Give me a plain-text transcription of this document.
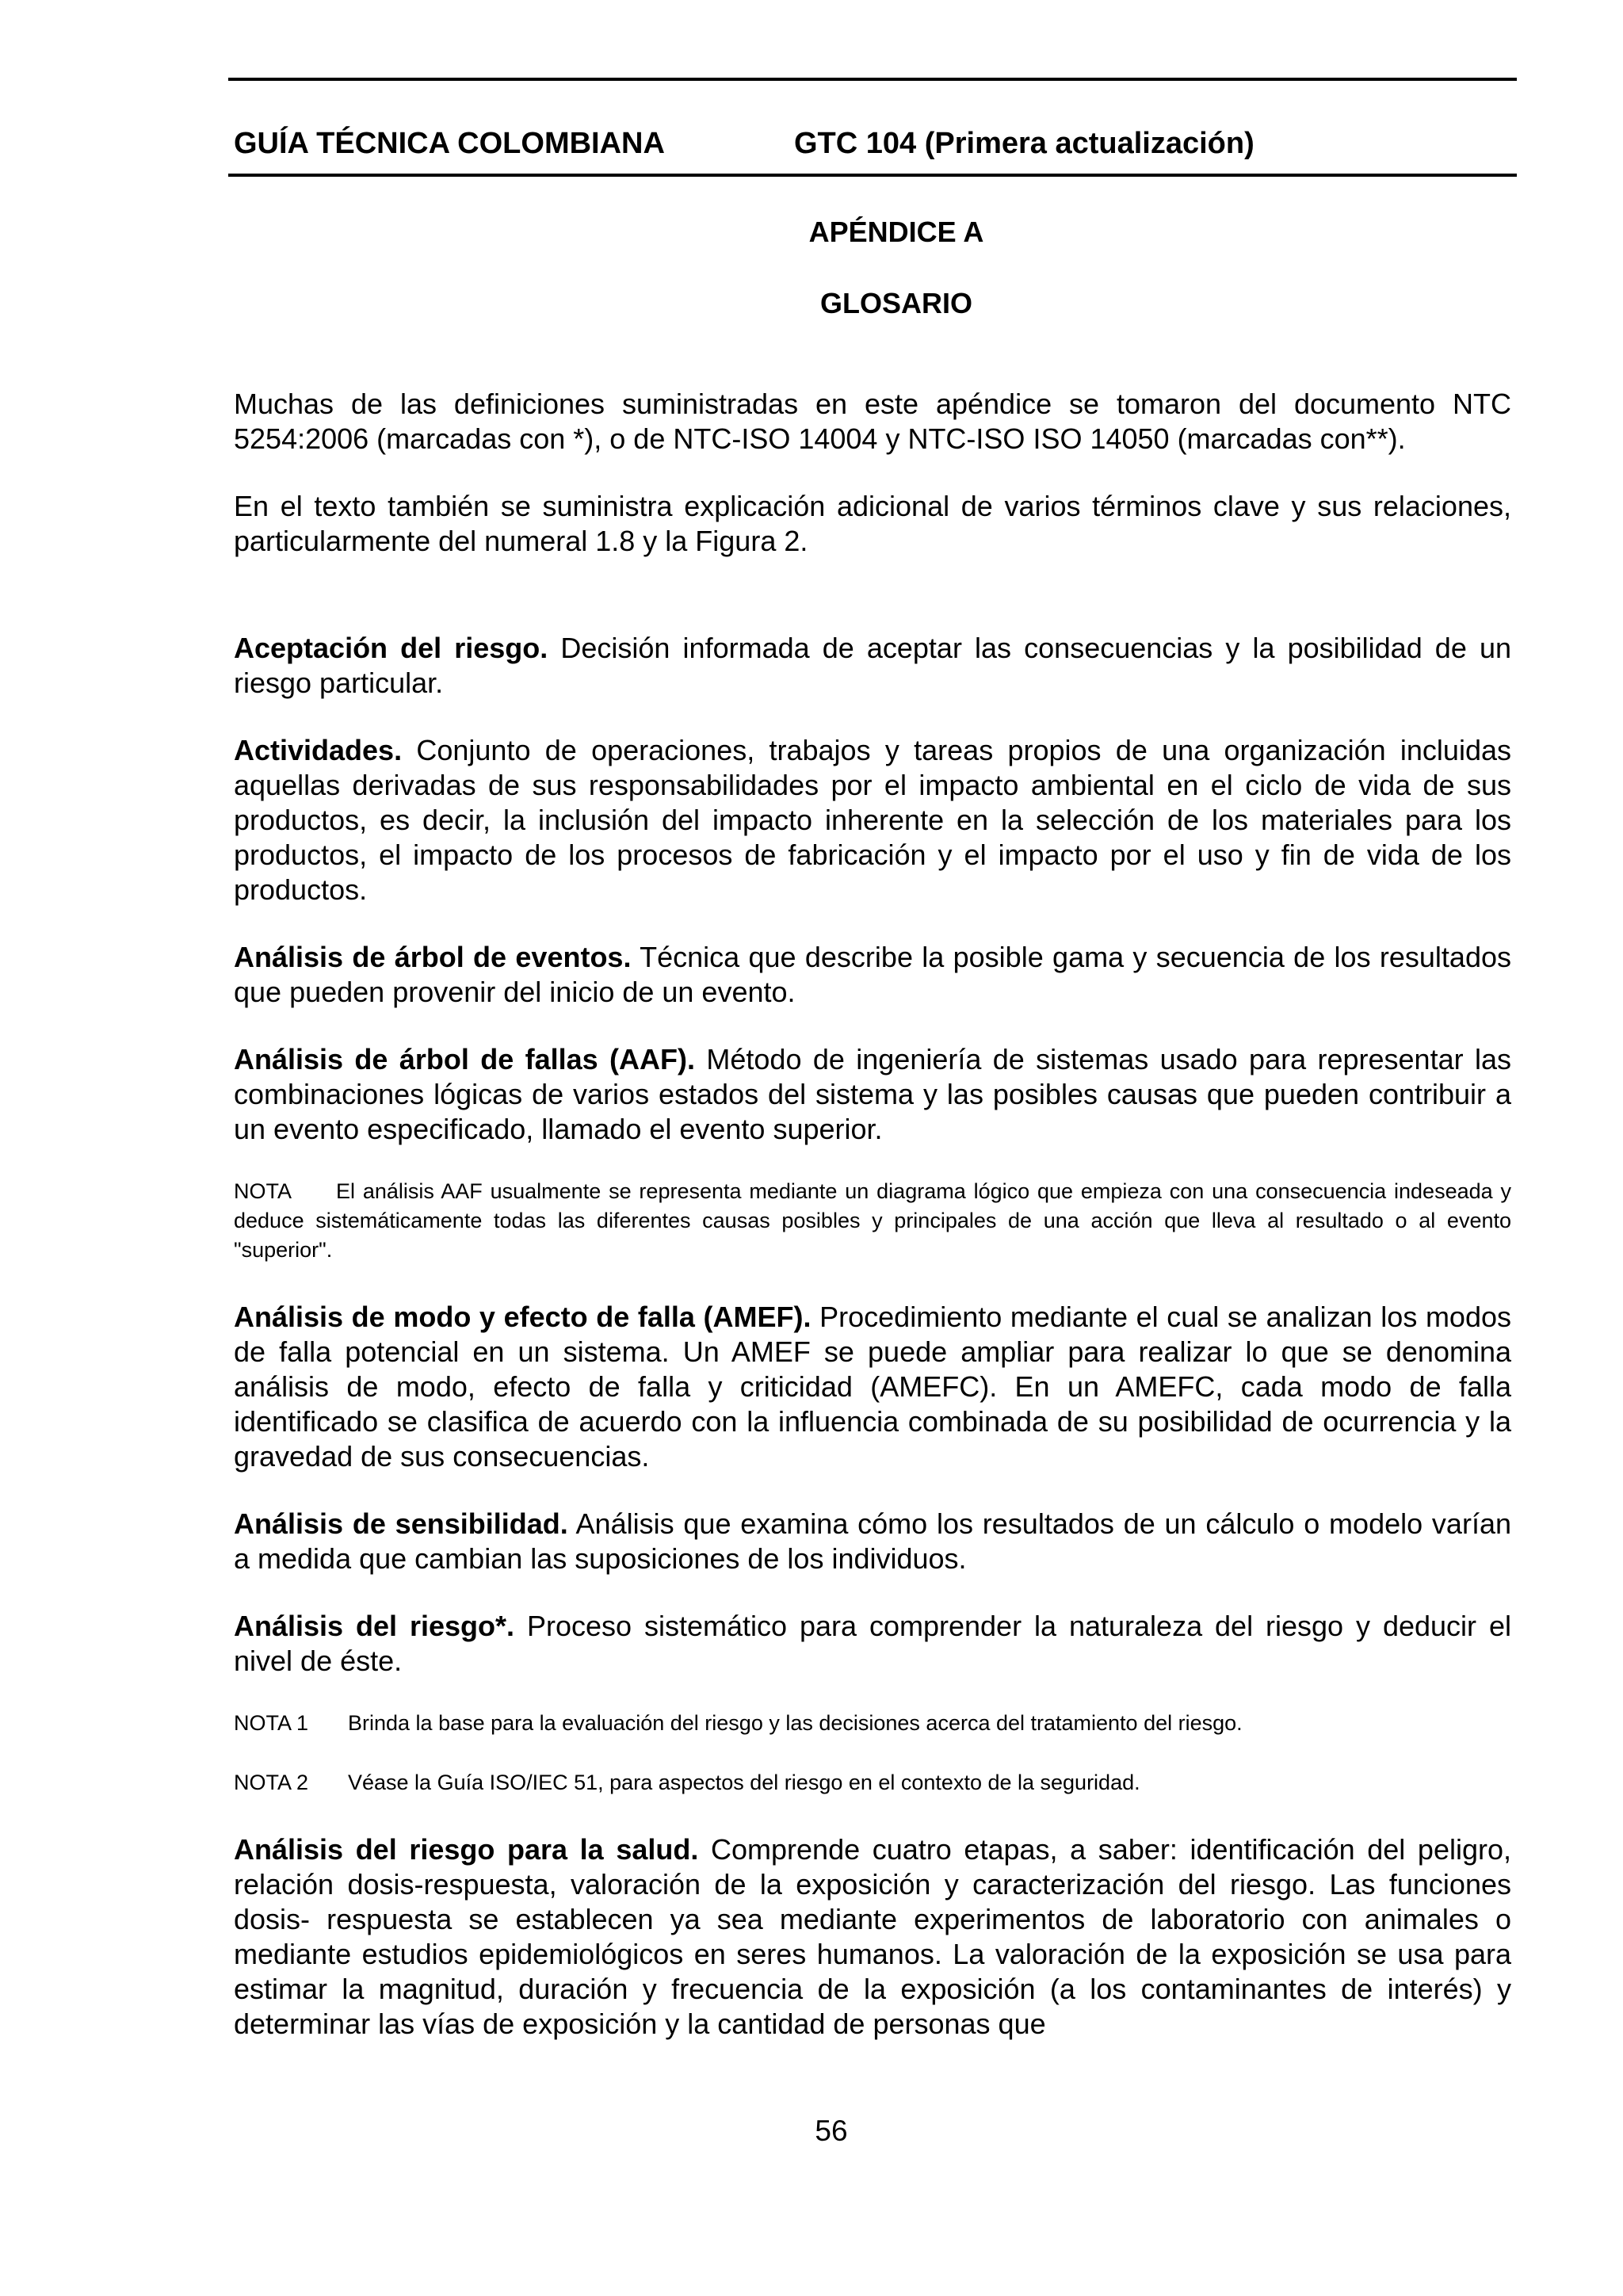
GUÍA TÉCNICA COLOMBIANA	GTC 104 (Primera actualización)
APÉNDICE A
GLOSARIO

Muchas de las definiciones suministradas en este apéndice se tomaron del documento NTC 5254:2006 (marcadas con *), o de NTC-ISO 14004 y NTC-ISO ISO 14050 (marcadas con**).

En el texto también se suministra explicación adicional de varios términos clave y sus relaciones, particularmente del numeral 1.8 y la Figura 2.

Aceptación del riesgo. Decisión informada de aceptar las consecuencias y la posibilidad de un riesgo particular.

Actividades. Conjunto de operaciones, trabajos y tareas propios de una organización incluidas aquellas derivadas de sus responsabilidades por el impacto ambiental en el ciclo de vida de sus productos, es decir, la inclusión del impacto inherente en la selección de los materiales para los productos, el impacto de los procesos de fabricación y el impacto por el uso y fin de vida de los productos.

Análisis de árbol de eventos. Técnica que describe la posible gama y secuencia de los resultados que pueden provenir del inicio de un evento.

Análisis de árbol de fallas (AAF). Método de ingeniería de sistemas usado para representar las combinaciones lógicas de varios estados del sistema y las posibles causas que pueden contribuir a un evento especificado, llamado el evento superior.

NOTA El análisis AAF usualmente se representa mediante un diagrama lógico que empieza con una consecuencia indeseada y deduce sistemáticamente todas las diferentes causas posibles y principales de una acción que lleva al resultado o al evento "superior".

Análisis de modo y efecto de falla (AMEF). Procedimiento mediante el cual se analizan los modos de falla potencial en un sistema. Un AMEF se puede ampliar para realizar lo que se denomina análisis de modo, efecto de falla y criticidad (AMEFC). En un AMEFC, cada modo de falla identificado se clasifica de acuerdo con la influencia combinada de su posibilidad de ocurrencia y la gravedad de sus consecuencias.

Análisis de sensibilidad. Análisis que examina cómo los resultados de un cálculo o modelo varían a medida que cambian las suposiciones de los individuos.

Análisis del riesgo*. Proceso sistemático para comprender la naturaleza del riesgo y deducir el nivel de éste.

NOTA 1	Brinda la base para la evaluación del riesgo y las decisiones acerca del tratamiento del riesgo.
NOTA 2	Véase la Guía ISO/IEC 51, para aspectos del riesgo en el contexto de la seguridad.

Análisis del riesgo para la salud. Comprende cuatro etapas, a saber: identificación del peligro, relación dosis-respuesta, valoración de la exposición y caracterización del riesgo. Las funciones dosis- respuesta se establecen ya sea mediante experimentos de laboratorio con animales o mediante estudios epidemiológicos en seres humanos. La valoración de la exposición se usa para estimar la magnitud, duración y frecuencia de la exposición (a los contaminantes de interés) y determinar las vías de exposición y la cantidad de personas que

56
